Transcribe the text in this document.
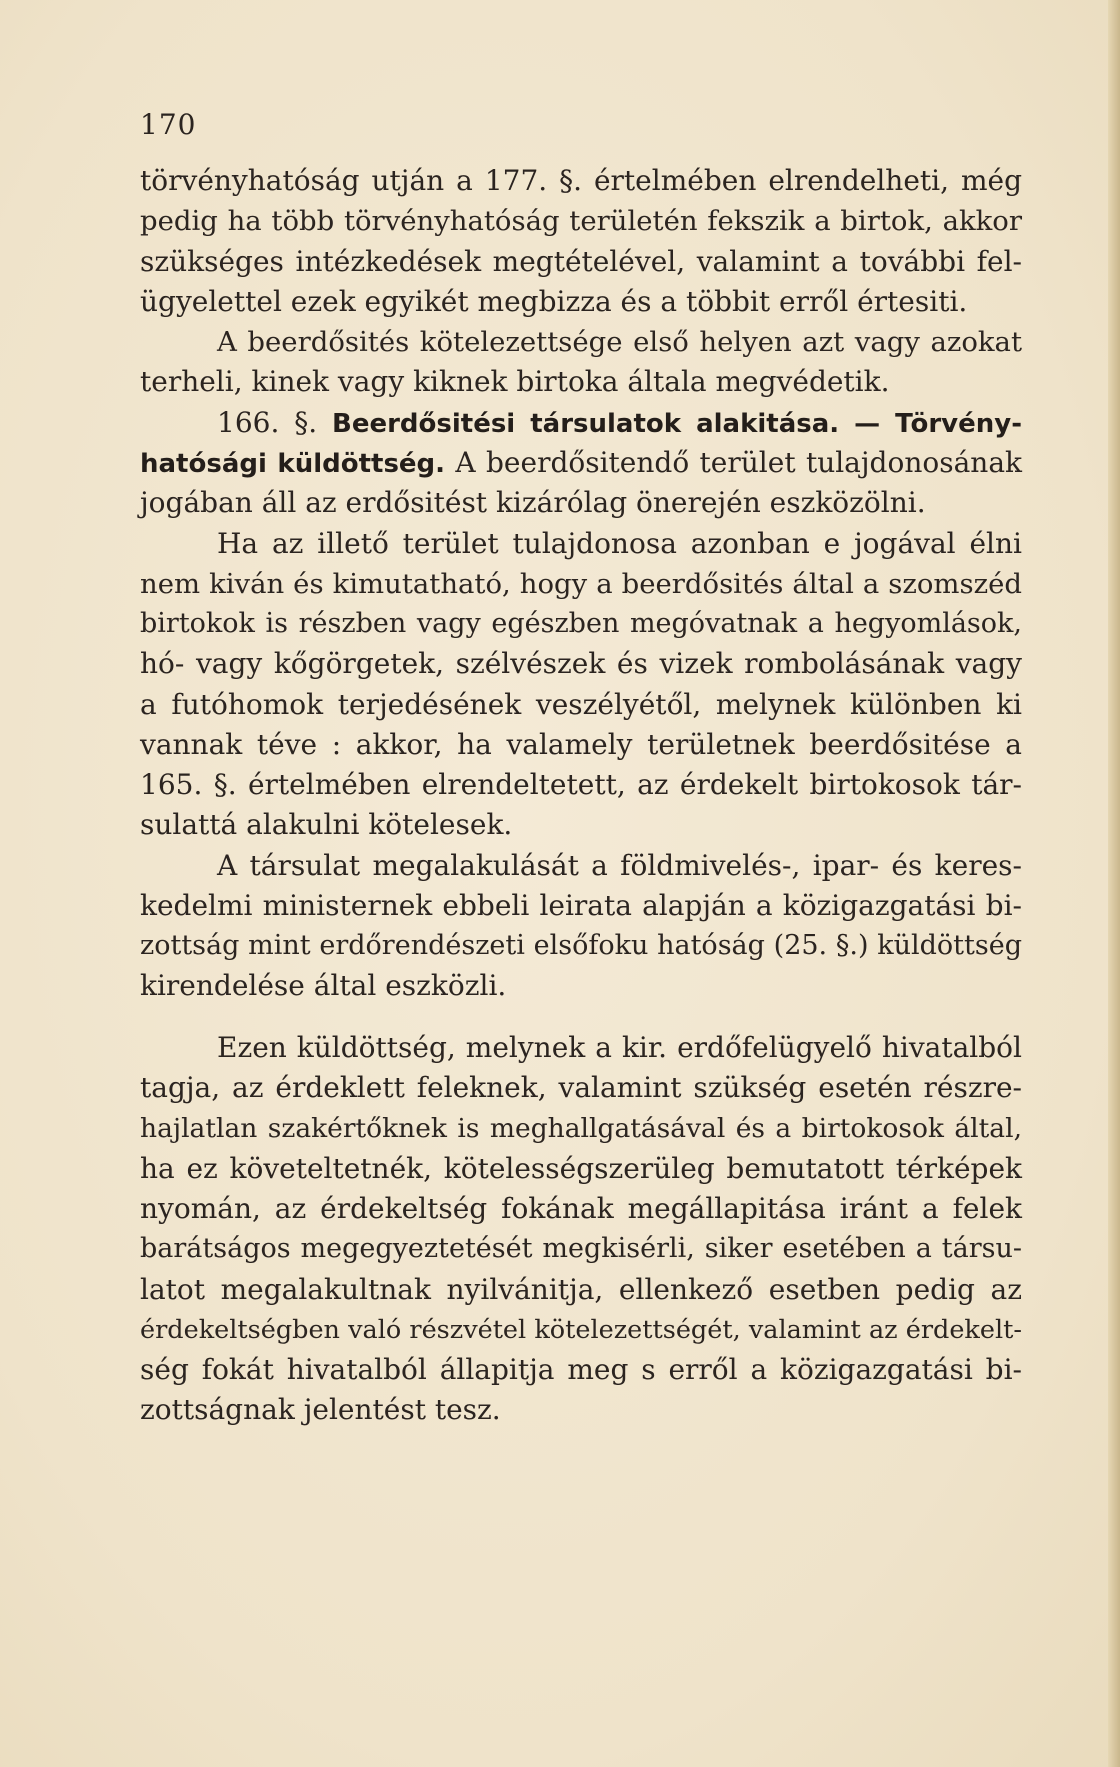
170
törvényhatóság utján a 177. §. értelmében elrendelheti, még
pedig ha több törvényhatóság területén fekszik a birtok, akkor
szükséges intézkedések megtételével, valamint a további fel-
ügyelettel ezek egyikét megbizza és a többit erről értesiti.
A beerdősités kötelezettsége első helyen azt vagy azokat
terheli, kinek vagy kiknek birtoka általa megvédetik.
166. §. Beerdősitési társulatok alakitása. — Törvény-
hatósági küldöttség. A beerdősitendő terület tulajdonosának
jogában áll az erdősitést kizárólag önerején eszközölni.
Ha az illető terület tulajdonosa azonban e jogával élni
nem kiván és kimutatható, hogy a beerdősités által a szomszéd
birtokok is részben vagy egészben megóvatnak a hegyomlások,
hó- vagy kőgörgetek, szélvészek és vizek rombolásának vagy
a futóhomok terjedésének veszélyétől, melynek különben ki
vannak téve : akkor, ha valamely területnek beerdősitése a
165. §. értelmében elrendeltetett, az érdekelt birtokosok tár-
sulattá alakulni kötelesek.
A társulat megalakulását a földmivelés-, ipar- és keres-
kedelmi ministernek ebbeli leirata alapján a közigazgatási bi-
zottság mint erdőrendészeti elsőfoku hatóság (25. §.) küldöttség
kirendelése által eszközli.
Ezen küldöttség, melynek a kir. erdőfelügyelő hivatalból
tagja, az érdeklett feleknek, valamint szükség esetén részre-
hajlatlan szakértőknek is meghallgatásával és a birtokosok által,
ha ez követeltetnék, kötelességszerüleg bemutatott térképek
nyomán, az érdekeltség fokának megállapitása iránt a felek
barátságos megegyeztetését megkisérli, siker esetében a társu-
latot megalakultnak nyilvánitja, ellenkező esetben pedig az
érdekeltségben való részvétel kötelezettségét, valamint az érdekelt-
ség fokát hivatalból állapitja meg s erről a közigazgatási bi-
zottságnak jelentést tesz.
